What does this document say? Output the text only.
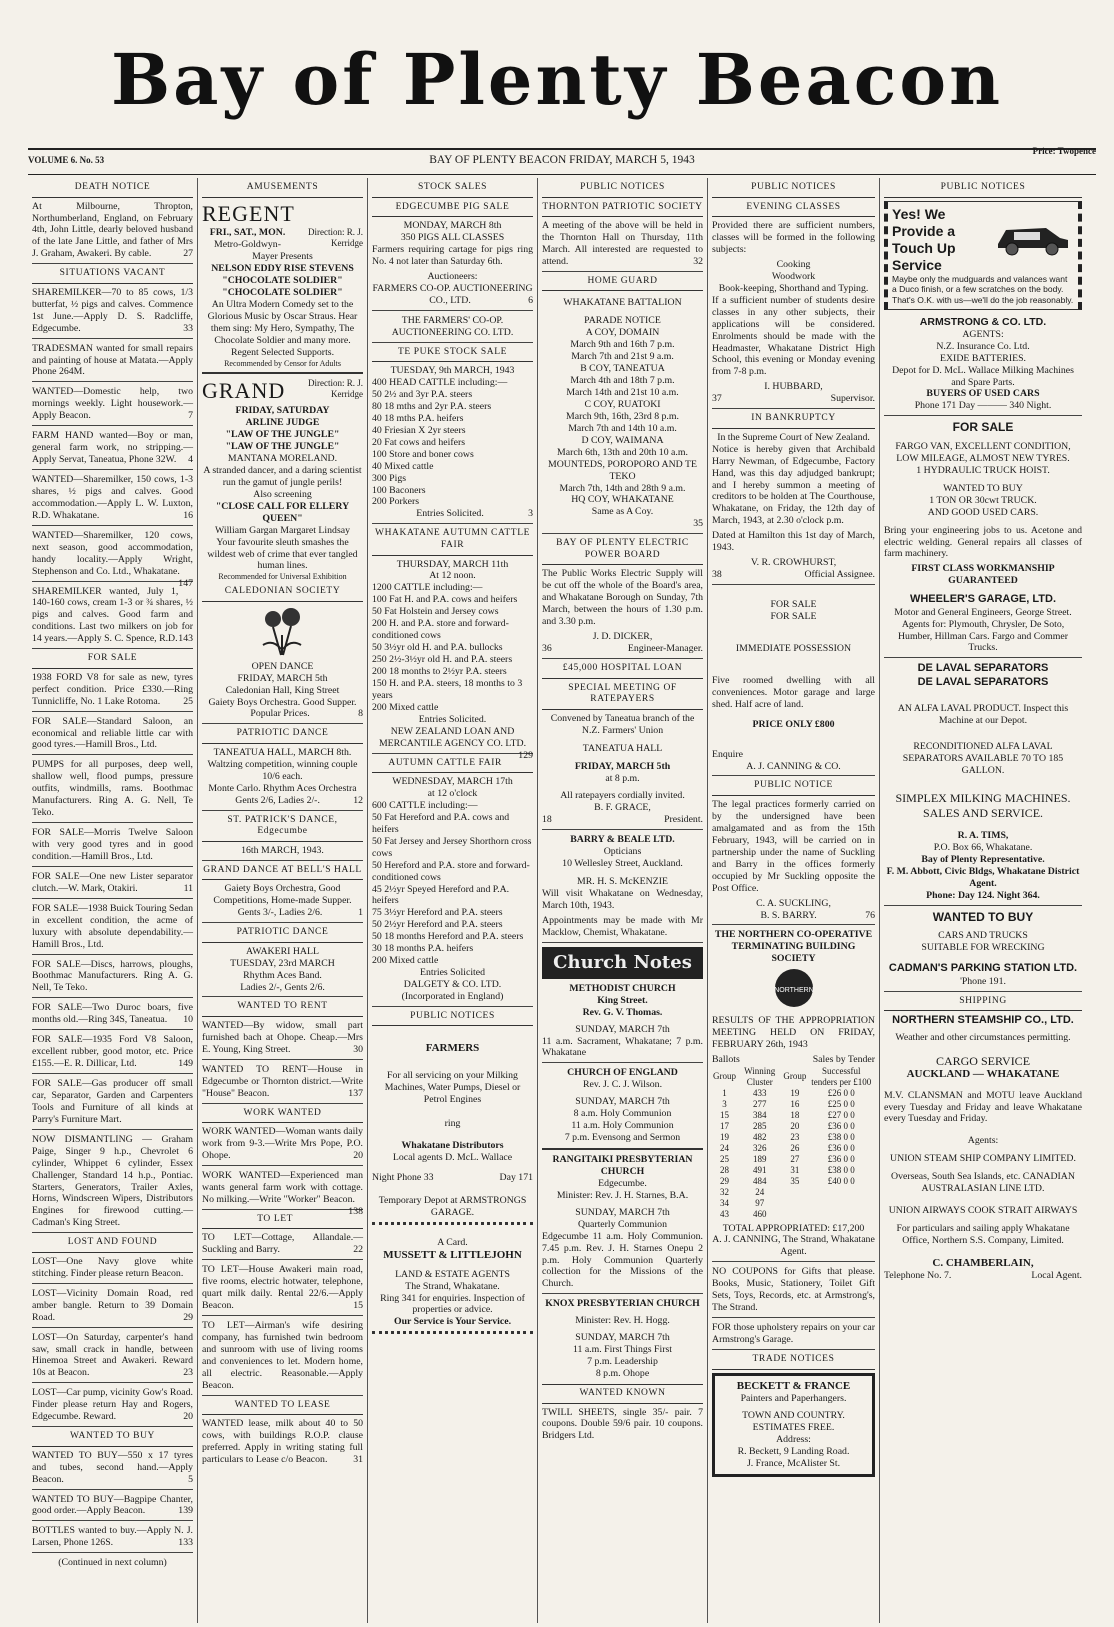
Bay of Plenty Beacon
VOLUME 6. No. 53	BAY OF PLENTY BEACON FRIDAY, MARCH 5, 1943
Price: Twopence
DEATH NOTICE
At Milbourne, Thropton, Northumberland, England, on February 4th, John Little, dearly beloved husband of the late Jane Little, and father of Mrs J. Graham, Awakeri. By cable.	27
SITUATIONS VACANT
SHAREMILKER—70 to 85 cows, 1/3 butterfat, ½ pigs and calves. Commence 1st June.—Apply D. S. Radcliffe, Edgecumbe.	33
TRADESMAN wanted for small repairs and painting of house at Matata.—Apply Phone 264M.
WANTED—Domestic help, two mornings weekly. Light housework.—Apply Beacon.	7
FARM HAND wanted—Boy or man, general farm work, no stripping.—Apply Servat, Taneatua, Phone 32W. 4
WANTED—Sharemilker, 150 cows, 1-3 shares, ½ pigs and calves. Good accommodation.—Apply L. W. Luxton, R.D. Whakatane.	16
WANTED—Sharemilker, 120 cows, next season, good accommodation, handy locality.—Apply Wright, Stephenson and Co. Ltd., Whakatane.
147
SHAREMILKER wanted, July 1, 140-160 cows, cream 1-3 or ¾ shares, ½ pigs and calves. Good farm and conditions. Last two milkers on job for 14 years.—Apply S. C. Spence, R.D. 143
FOR SALE
1938 FORD V8 for sale as new, tyres perfect condition. Price £330.—Ring Tunnicliffe, No. 1 Lake Rotoma. 25
FOR SALE—Standard Saloon, an economical and reliable little car with good tyres.—Hamill Bros., Ltd.
PUMPS for all purposes, deep well, shallow well, flood pumps, pressure outfits, windmills, rams. Boothmac Manufacturers. Ring A. G. Nell, Te Teko.
FOR SALE—Morris Twelve Saloon with very good tyres and in good condition.—Hamill Bros., Ltd.
FOR SALE—One new Lister separator clutch.—W. Mark, Otakiri.	11
FOR SALE—1938 Buick Touring Sedan in excellent condition, the acme of luxury with absolute dependability.—Hamill Bros., Ltd.
FOR SALE—Discs, harrows, ploughs, Boothmac Manufacturers. Ring A. G. Nell, Te Teko.
FOR SALE—Two Duroc boars, five months old.—Ring 34S, Taneatua. 10
FOR SALE—1935 Ford V8 Saloon, excellent rubber, good motor, etc. Price £155.—E. R. Dillicar, Ltd.	149
FOR SALE—Gas producer off small car, Separator, Garden and Carpenters Tools and Furniture of all kinds at Parry's Furniture Mart.
NOW DISMANTLING — Graham Paige, Singer 9 h.p., Chevrolet 6 cylinder, Whippet 6 cylinder, Essex Challenger, Standard 14 h.p., Pontiac. Starters, Generators, Trailer Axles, Horns, Windscreen Wipers, Distributors Engines for firewood cutting.—Cadman's King Street.
LOST AND FOUND
LOST—One Navy glove white stitching. Finder please return Beacon.
LOST—Vicinity Domain Road, red amber bangle. Return to 39 Domain Road.	29
LOST—On Saturday, carpenter's hand saw, small crack in handle, between Hinemoa Street and Awakeri. Reward 10s at Beacon.	23
LOST—Car pump, vicinity Gow's Road. Finder please return Hay and Rogers, Edgecumbe. Reward.	20
WANTED TO BUY
WANTED TO BUY—550 x 17 tyres and tubes, second hand.—Apply Beacon.	5
WANTED TO BUY—Bagpipe Chanter, good order.—Apply Beacon.	139
BOTTLES wanted to buy.—Apply N. J. Larsen, Phone 126S.	133
(Continued in next column)
AMUSEMENTS
REGENT
Direction: R. J. Kerridge
FRI., SAT., MON.
Metro-Goldwyn-Mayer Presents
NELSON EDDY RISE STEVENS
"CHOCOLATE SOLDIER"
"CHOCOLATE SOLDIER"
An Ultra Modern Comedy set to the Glorious Music by Oscar Straus. Hear them sing: My Hero, Sympathy, The Chocolate Soldier and many more.
Regent Selected Supports.
Recommended by Censor for Adults
GRAND	Direction: R. J. Kerridge
FRIDAY, SATURDAY
ARLINE JUDGE
"LAW OF THE JUNGLE"
"LAW OF THE JUNGLE"
MANTANA MORELAND.
A stranded dancer, and a daring scientist run the gamut of jungle perils!
Also screening
"CLOSE CALL FOR ELLERY QUEEN"
William Gargan Margaret Lindsay
Your favourite sleuth smashes the wildest web of crime that ever tangled human lines.
Recommended for Universal Exhibition
CALEDONIAN SOCIETY
OPEN DANCE
FRIDAY, MARCH 5th
Caledonian Hall, King Street
Gaiety Boys Orchestra. Good Supper. Popular Prices.	8
PATRIOTIC DANCE
TANEATUA HALL, MARCH 8th.
Waltzing competition, winning couple 10/6 each.
Monte Carlo. Rhythm Aces Orchestra
Gents 2/6, Ladies 2/-.	12
ST. PATRICK'S DANCE, Edgecumbe
16th MARCH, 1943.
GRAND DANCE AT BELL'S HALL
Gaiety Boys Orchestra, Good Competitions, Home-made Supper. Gents 3/-, Ladies 2/6.	1
PATRIOTIC DANCE
AWAKERI HALL
TUESDAY, 23rd MARCH
Rhythm Aces Band.
Ladies 2/-, Gents 2/6.
WANTED TO RENT
WANTED—By widow, small part furnished bach at Ohope. Cheap.—Mrs E. Young, King Street.	30
WANTED TO RENT—House in Edgecumbe or Thornton district.—Write "House" Beacon.	137
WORK WANTED
WORK WANTED—Woman wants daily work from 9-3.—Write Mrs Pope, P.O. Ohope.	20
WORK WANTED—Experienced man wants general farm work with cottage. No milking.—Write "Worker" Beacon.
138
TO LET
TO LET—Cottage, Allandale.—Suckling and Barry.	22
TO LET—House Awakeri main road, five rooms, electric hotwater, telephone, quart milk daily. Rental 22/6.—Apply Beacon.	15
TO LET—Airman's wife desiring company, has furnished twin bedroom and sunroom with use of living rooms and conveniences to let. Modern home, all electric. Reasonable.—Apply Beacon.
WANTED TO LEASE
WANTED lease, milk about 40 to 50 cows, with buildings R.O.P. clause preferred. Apply in writing stating full particulars to Lease c/o Beacon.	31
STOCK SALES
EDGECUMBE PIG SALE
MONDAY, MARCH 8th
350 PIGS ALL CLASSES
Farmers requiring cartage for pigs ring No. 4 not later than Saturday 6th.
Auctioneers:
FARMERS CO-OP. AUCTIONEERING CO., LTD.	6
THE FARMERS' CO-OP. AUCTIONEERING CO. LTD.
TE PUKE STOCK SALE
TUESDAY, 9th MARCH, 1943
400 HEAD CATTLE including:—
50 2½ and 3yr P.A. steers
80 18 mths and 2yr P.A. steers
40 18 mths P.A. heifers
40 Friesian X 2yr steers
20 Fat cows and heifers
100 Store and boner cows
40 Mixed cattle
300 Pigs
100 Baconers
200 Porkers
Entries Solicited.	3
WHAKATANE AUTUMN CATTLE FAIR
THURSDAY, MARCH 11th
At 12 noon.
1200 CATTLE including:—
100 Fat H. and P.A. cows and heifers
50 Fat Holstein and Jersey cows
200 H. and P.A. store and forward-conditioned cows
50 3½yr old H. and P.A. bullocks
250 2½-3½yr old H. and P.A. steers
200 18 months to 2½yr P.A. steers
150 H. and P.A. steers, 18 months to 3 years
200 Mixed cattle
Entries Solicited.
NEW ZEALAND LOAN AND MERCANTILE AGENCY CO. LTD.
129
AUTUMN CATTLE FAIR
WEDNESDAY, MARCH 17th
at 12 o'clock
600 CATTLE including:—
50 Fat Hereford and P.A. cows and heifers
50 Fat Jersey and Jersey Shorthorn cross cows
50 Hereford and P.A. store and forward-conditioned cows
45 2½yr Speyed Hereford and P.A. heifers
75 3½yr Hereford and P.A. steers
50 2½yr Hereford and P.A. steers
50 18 months Hereford and P.A. steers
30 18 months P.A. heifers
200 Mixed cattle
Entries Solicited
DALGETY & CO. LTD.
(Incorporated in England)
PUBLIC NOTICES
FARMERS
For all servicing on your Milking Machines, Water Pumps, Diesel or Petrol Engines
ring
Whakatane Distributors
Local agents D. McL. Wallace
Night Phone 33	Day 171
Temporary Depot at ARMSTRONGS GARAGE.
A Card.
MUSSETT & LITTLEJOHN
LAND & ESTATE AGENTS
The Strand, Whakatane.
Ring 341 for enquiries. Inspection of properties or advice.
Our Service is Your Service.
PUBLIC NOTICES
THORNTON PATRIOTIC SOCIETY
A meeting of the above will be held in the Thornton Hall on Thursday, 11th March. All interested are requested to attend.	32
HOME GUARD
WHAKATANE BATTALION
PARADE NOTICE
A COY, DOMAIN
March 9th and 16th 7 p.m.
March 7th and 21st 9 a.m.
B COY, TANEATUA
March 4th and 18th 7 p.m.
March 14th and 21st 10 a.m.
C COY, RUATOKI
March 9th, 16th, 23rd 8 p.m.
March 7th and 14th 10 a.m.
D COY, WAIMANA
March 6th, 13th and 20th 10 a.m.
MOUNTEDS, POROPORO AND TE TEKO
March 7th, 14th and 28th 9 a.m.
HQ COY, WHAKATANE
Same as A Coy.
35

BAY OF PLENTY ELECTRIC POWER BOARD
The Public Works Electric Supply will be cut off the whole of the Board's area, and Whakatane Borough on Sunday, 7th March, between the hours of 1.30 p.m. and 3.30 p.m.
J. D. DICKER,
36	Engineer-Manager.
£45,000 HOSPITAL LOAN
SPECIAL MEETING OF RATEPAYERS
Convened by Taneatua branch of the N.Z. Farmers' Union
TANEATUA HALL
FRIDAY, MARCH 5th
at 8 p.m.
All ratepayers cordially invited.
B. F. GRACE,
18	President.
BARRY & BEALE LTD.
Opticians
10 Wellesley Street, Auckland.
MR. H. S. McKENZIE
Will visit Whakatane on Wednesday, March 10th, 1943.
Appointments may be made with Mr Macklow, Chemist, Whakatane.
Church Notes
METHODIST CHURCH
King Street.
Rev. G. V. Thomas.
SUNDAY, MARCH 7th
11 a.m. Sacrament, Whakatane; 7 p.m. Whakatane
CHURCH OF ENGLAND
Rev. J. C. J. Wilson.
SUNDAY, MARCH 7th
8 a.m. Holy Communion
11 a.m. Holy Communion
7 p.m. Evensong and Sermon
RANGITAIKI PRESBYTERIAN CHURCH
Edgecumbe.
Minister: Rev. J. H. Starnes, B.A.
SUNDAY, MARCH 7th
Quarterly Communion
Edgecumbe 11 a.m. Holy Communion. 7.45 p.m. Rev. J. H. Starnes Onepu 2 p.m. Holy Communion Quarterly collection for the Missions of the Church.
KNOX PRESBYTERIAN CHURCH
Minister: Rev. H. Hogg.
SUNDAY, MARCH 7th
11 a.m. First Things First
7 p.m. Leadership
8 p.m. Ohope
WANTED KNOWN
TWILL SHEETS, single 35/- pair. 7 coupons. Double 59/6 pair. 10 coupons. Bridgers Ltd.
PUBLIC NOTICES
EVENING CLASSES
Provided there are sufficient numbers, classes will be formed in the following subjects:
Cooking
Woodwork
Book-keeping, Shorthand and Typing.
If a sufficient number of students desire classes in any other subjects, their applications will be considered. Enrolments should be made with the Headmaster, Whakatane District High School, this evening or Monday evening from 7-8 p.m.
I. HUBBARD,
37	Supervisor.
IN BANKRUPTCY
In the Supreme Court of New Zealand.
Notice is hereby given that Archibald Harry Newman, of Edgecumbe, Factory Hand, was this day adjudged bankrupt; and I hereby summon a meeting of creditors to be holden at The Courthouse, Whakatane, on Friday, the 12th day of March, 1943, at 2.30 o'clock p.m.
Dated at Hamilton this 1st day of March, 1943.
V. R. CROWHURST,
38	Official Assignee.
FOR SALE
FOR SALE
IMMEDIATE POSSESSION
Five roomed dwelling with all conveniences. Motor garage and large shed. Half acre of land.
PRICE ONLY £800
Enquire
A. J. CANNING & CO.
PUBLIC NOTICE
The legal practices formerly carried on by the undersigned have been amalgamated and as from the 15th February, 1943, will be carried on in partnership under the name of Suckling and Barry in the offices formerly occupied by Mr Suckling opposite the Post Office.
C. A. SUCKLING,
B. S. BARRY.	76
THE NORTHERN CO-OPERATIVE TERMINATING BUILDING SOCIETY
NORTHERN
RESULTS OF THE APPROPRIATION MEETING HELD ON FRIDAY, FEBRUARY 26th, 1943
Ballots	Sales by Tender
Group	Winning Cluster	Group	Successful tenders per £100
1	433	19	£26 0 0
3	277	16	£25 0 0
15	384	18	£27 0 0
17	285	20	£36 0 0
19	482	23	£38 0 0
24	326	26	£36 0 0
25	189	27	£36 0 0
28	491	31	£38 0 0
29	484	35	£40 0 0
32	24		
34	97		
43	460		
TOTAL APPROPRIATED: £17,200
A. J. CANNING, The Strand, Whakatane Agent.
NO COUPONS for Gifts that please. Books, Music, Stationery, Toilet Gift Sets, Toys, Records, etc. at Armstrong's, The Strand.
FOR those upholstery repairs on your car Armstrong's Garage.
TRADE NOTICES
BECKETT & FRANCE
Painters and Paperhangers.
TOWN AND COUNTRY.
ESTIMATES FREE.
Address:
R. Beckett, 9 Landing Road.
J. France, McAlister St.
PUBLIC NOTICES
Yes! We Provide a Touch Up Service
Maybe only the mudguards and valances want a Duco finish, or a few scratches on the body. That's O.K. with us—we'll do the job reasonably.
ARMSTRONG & CO. LTD.
AGENTS:
N.Z. Insurance Co. Ltd.
EXIDE BATTERIES.
Depot for D. McL. Wallace Milking Machines and Spare Parts.
BUYERS OF USED CARS
Phone 171 Day ——— 340 Night.
FOR SALE
FARGO VAN, EXCELLENT CONDITION, LOW MILEAGE, ALMOST NEW TYRES.
1 HYDRAULIC TRUCK HOIST.
WANTED TO BUY
1 TON OR 30cwt TRUCK.
AND GOOD USED CARS.
Bring your engineering jobs to us. Acetone and electric welding. General repairs all classes of farm machinery.
FIRST CLASS WORKMANSHIP GUARANTEED
WHEELER'S GARAGE, LTD.
Motor and General Engineers, George Street.
Agents for: Plymouth, Chrysler, De Soto, Humber, Hillman Cars. Fargo and Commer Trucks.
DE LAVAL SEPARATORS
DE LAVAL SEPARATORS
AN ALFA LAVAL PRODUCT. Inspect this Machine at our Depot.
RECONDITIONED ALFA LAVAL SEPARATORS AVAILABLE 70 TO 185 GALLON.
SIMPLEX MILKING MACHINES.
SALES AND SERVICE.
R. A. TIMS,
P.O. Box 66, Whakatane.
Bay of Plenty Representative.
F. M. Abbott, Civic Bldgs, Whakatane District Agent.
Phone: Day 124. Night 364.
WANTED TO BUY
CARS AND TRUCKS
SUITABLE FOR WRECKING
CADMAN'S PARKING STATION LTD.
'Phone 191.
SHIPPING
NORTHERN STEAMSHIP CO., LTD.
Weather and other circumstances permitting.
CARGO SERVICE
AUCKLAND — WHAKATANE
M.V. CLANSMAN and MOTU leave Auckland every Tuesday and Friday and leave Whakatane every Tuesday and Friday.
Agents:
UNION STEAM SHIP COMPANY LIMITED.
Overseas, South Sea Islands, etc. CANADIAN AUSTRALASIAN LINE LTD.
UNION AIRWAYS COOK STRAIT AIRWAYS
For particulars and sailing apply Whakatane Office, Northern S.S. Company, Limited.
C. CHAMBERLAIN,
Telephone No. 7.	Local Agent.
